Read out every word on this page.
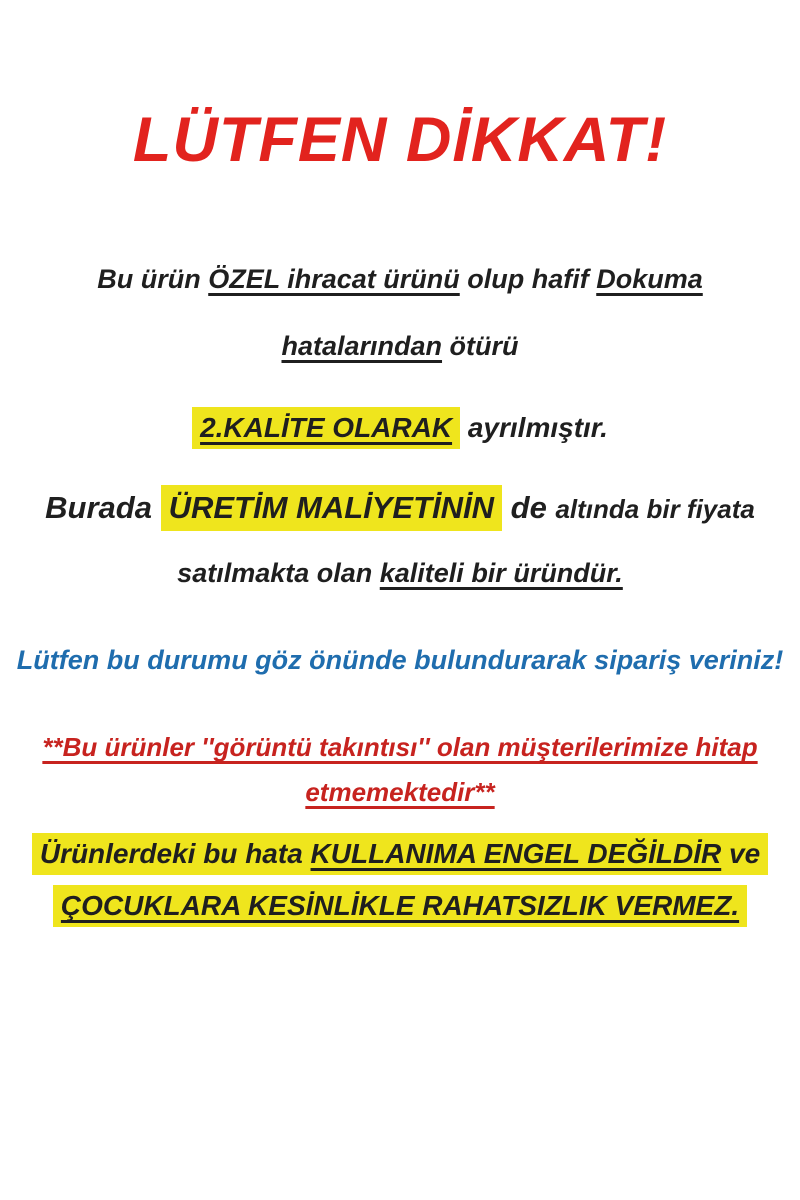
LÜTFEN DİKKAT!

Bu ürün ÖZEL ihracat ürünü olup hafif Dokuma
hatalarından ötürü

2.KALİTE OLARAK ayrılmıştır.

Burada ÜRETİM MALİYETİNİN de altında bir fiyata
satılmakta olan kaliteli bir üründür.

Lütfen bu durumu göz önünde bulundurarak sipariş veriniz!

**Bu ürünler ''görüntü takıntısı'' olan müşterilerimize hitap
etmemektedir**

Ürünlerdeki bu hata KULLANIMA ENGEL DEĞİLDİR ve
ÇOCUKLARA KESİNLİKLE RAHATSIZLIK VERMEZ.
